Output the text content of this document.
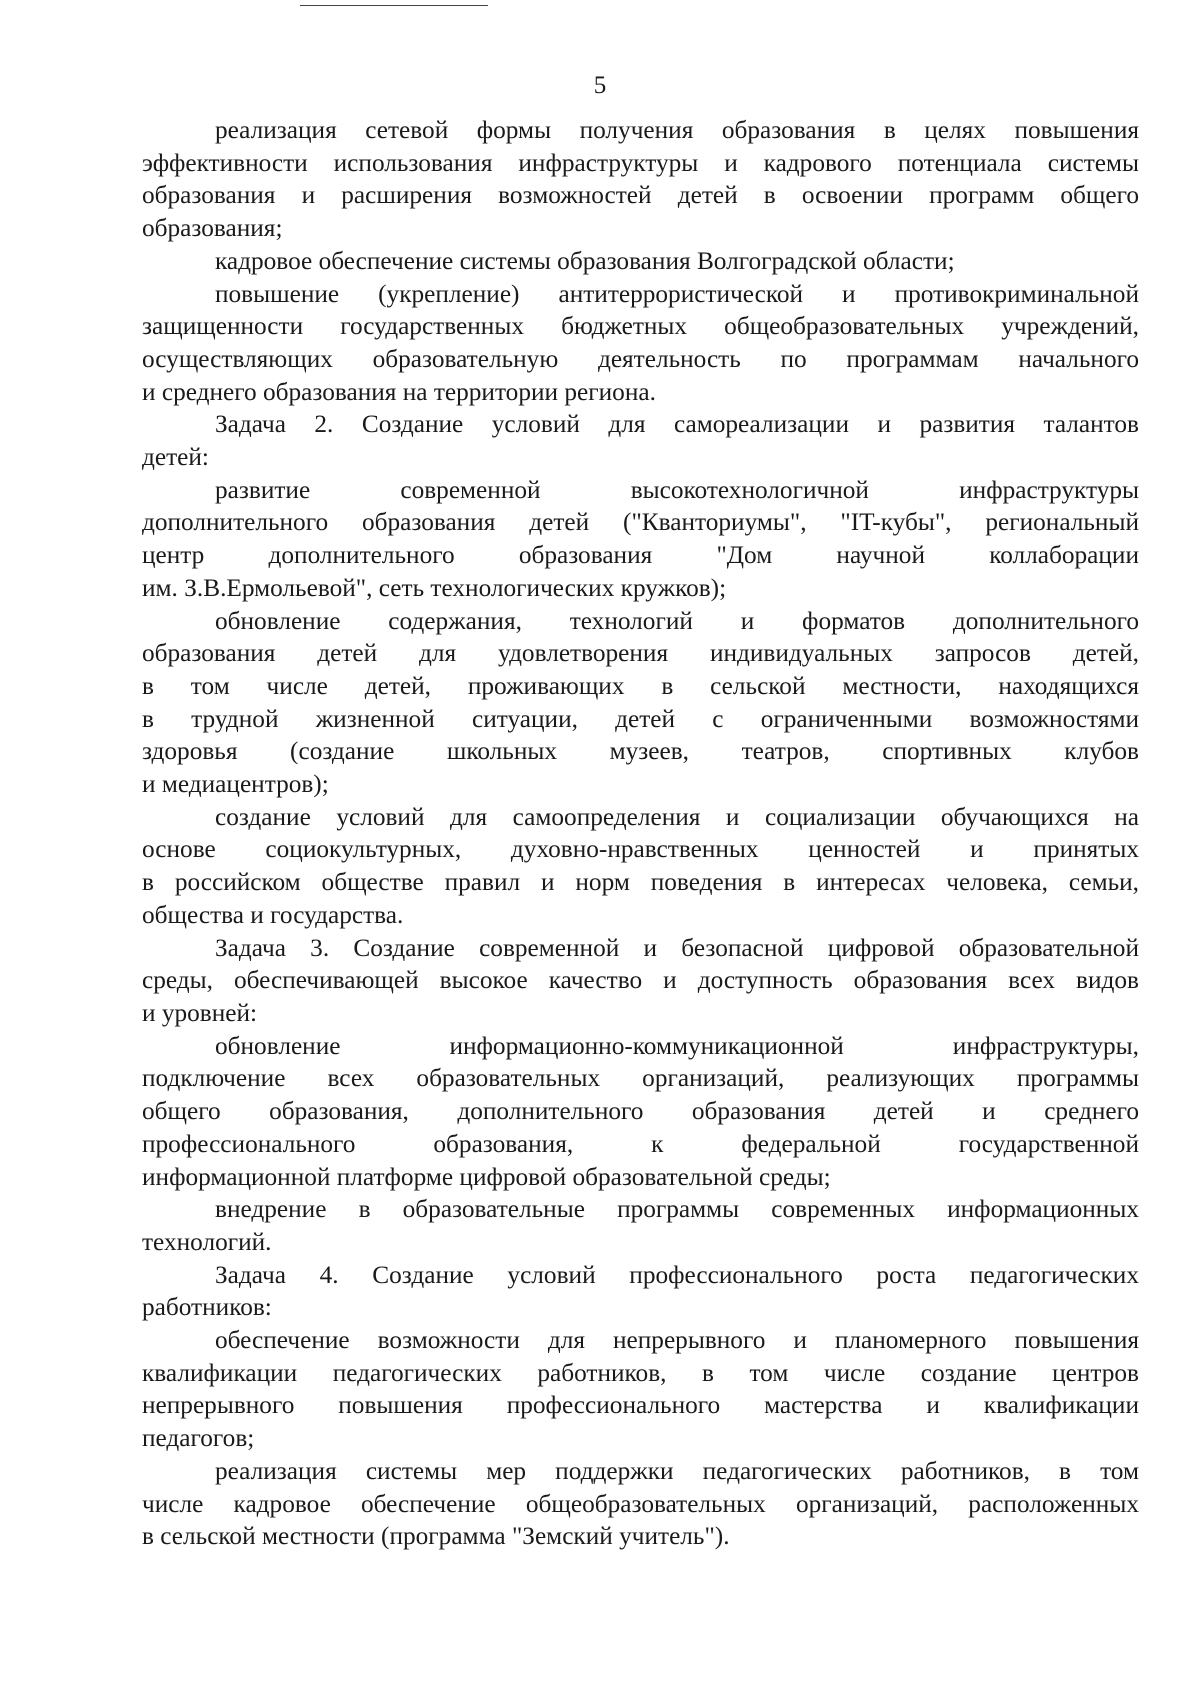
5
реализация сетевой формы получения образования в целях повышения
эффективности использования инфраструктуры и кадрового потенциала системы
образования и расширения возможностей детей в освоении программ общего
образования;
кадровое обеспечение системы образования Волгоградской области;
повышение (укрепление) антитеррористической и противокриминальной
защищенности государственных бюджетных общеобразовательных учреждений,
осуществляющих образовательную деятельность по программам начального
и среднего образования на территории региона.
Задача 2. Создание условий для самореализации и развития талантов
детей:
развитие современной высокотехнологичной инфраструктуры
дополнительного образования детей ("Кванториумы", "IT-кубы", региональный
центр дополнительного образования "Дом научной коллаборации
им. З.В.Ермольевой", сеть технологических кружков);
обновление содержания, технологий и форматов дополнительного
образования детей для удовлетворения индивидуальных запросов детей,
в том числе детей, проживающих в сельской местности, находящихся
в трудной жизненной ситуации, детей с ограниченными возможностями
здоровья (создание школьных музеев, театров, спортивных клубов
и медиацентров);
создание условий для самоопределения и социализации обучающихся на
основе социокультурных, духовно-нравственных ценностей и принятых
в российском обществе правил и норм поведения в интересах человека, семьи,
общества и государства.
Задача 3. Создание современной и безопасной цифровой образовательной
среды, обеспечивающей высокое качество и доступность образования всех видов
и уровней:
обновление информационно-коммуникационной инфраструктуры,
подключение всех образовательных организаций, реализующих программы
общего образования, дополнительного образования детей и среднего
профессионального образования, к федеральной государственной
информационной платформе цифровой образовательной среды;
внедрение в образовательные программы современных информационных
технологий.
Задача 4. Создание условий профессионального роста педагогических
работников:
обеспечение возможности для непрерывного и планомерного повышения
квалификации педагогических работников, в том числе создание центров
непрерывного повышения профессионального мастерства и квалификации
педагогов;
реализация системы мер поддержки педагогических работников, в том
числе кадровое обеспечение общеобразовательных организаций, расположенных
в сельской местности (программа "Земский учитель").
